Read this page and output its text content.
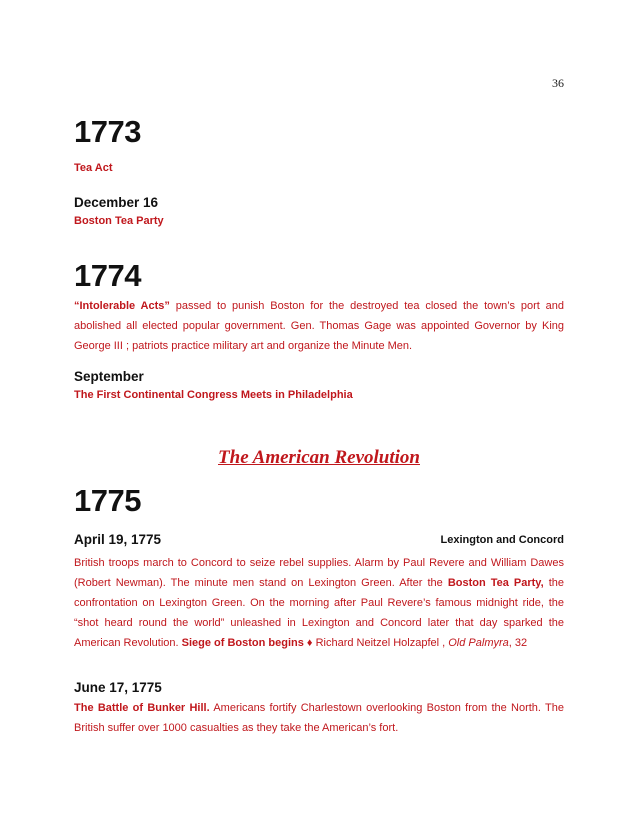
36
1773
Tea Act
December 16
Boston Tea Party
1774
“Intolerable Acts” passed to punish Boston for the destroyed tea closed the town’s port and abolished all elected popular government. Gen. Thomas Gage was appointed Governor by King George III ; patriots practice military art and organize the Minute Men.
September
The First Continental Congress Meets in Philadelphia
The American Revolution
1775
April 19, 1775	Lexington and Concord
British troops march to Concord to seize rebel supplies. Alarm by Paul Revere and William Dawes (Robert Newman). The minute men stand on Lexington Green. After the Boston Tea Party, the confrontation on Lexington Green. On the morning after Paul Revere’s famous midnight ride, the “shot heard round the world” unleashed in Lexington and Concord later that day sparked the American Revolution. Siege of Boston begins ♦ Richard Neitzel Holzapfel , Old Palmyra, 32
June 17, 1775
The Battle of Bunker Hill. Americans fortify Charlestown overlooking Boston from the North. The British suffer over 1000 casualties as they take the American’s fort.
